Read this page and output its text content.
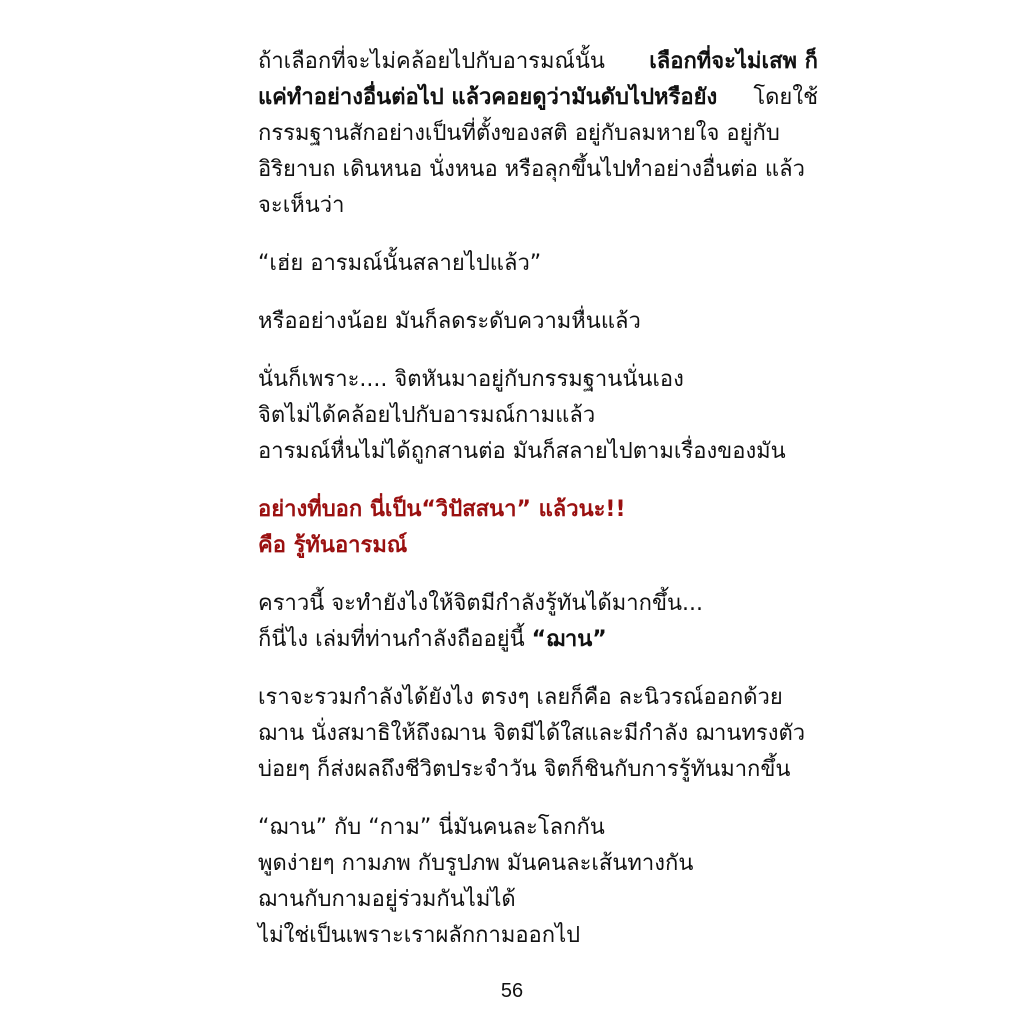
ถ้าเลือกที่จะไม่คล้อยไปกับอารมณ์นั้น เลือกที่จะไม่เสพ ก็
แค่ทำอย่างอื่นต่อไป แล้วคอยดูว่ามันดับไปหรือยัง โดยใช้
กรรมฐานสักอย่างเป็นที่ตั้งของสติ อยู่กับลมหายใจ อยู่กับ
อิริยาบถ เดินหนอ นั่งหนอ หรือลุกขึ้นไปทำอย่างอื่นต่อ แล้ว
จะเห็นว่า
“เฮ่ย อารมณ์นั้นสลายไปแล้ว”
หรืออย่างน้อย มันก็ลดระดับความหื่นแล้ว
นั่นก็เพราะ.... จิตหันมาอยู่กับกรรมฐานนั่นเอง
จิตไม่ได้คล้อยไปกับอารมณ์กามแล้ว
อารมณ์หื่นไม่ได้ถูกสานต่อ มันก็สลายไปตามเรื่องของมัน
อย่างที่บอก นี่เป็น“วิปัสสนา” แล้วนะ!!
คือ รู้ทันอารมณ์
คราวนี้ จะทำยังไงให้จิตมีกำลังรู้ทันได้มากขึ้น...
ก็นี่ไง เล่มที่ท่านกำลังถืออยู่นี้ “ฌาน”
เราจะรวมกำลังได้ยังไง ตรงๆ เลยก็คือ ละนิวรณ์ออกด้วย
ฌาน นั่งสมาธิให้ถึงฌาน จิตมีได้ใสและมีกำลัง ฌานทรงตัว
บ่อยๆ ก็ส่งผลถึงชีวิตประจำวัน จิตก็ชินกับการรู้ทันมากขึ้น
“ฌาน” กับ “กาม” นี่มันคนละโลกกัน
พูดง่ายๆ กามภพ กับรูปภพ มันคนละเส้นทางกัน
ฌานกับกามอยู่ร่วมกันไม่ได้
ไม่ใช่เป็นเพราะเราผลักกามออกไป
56
